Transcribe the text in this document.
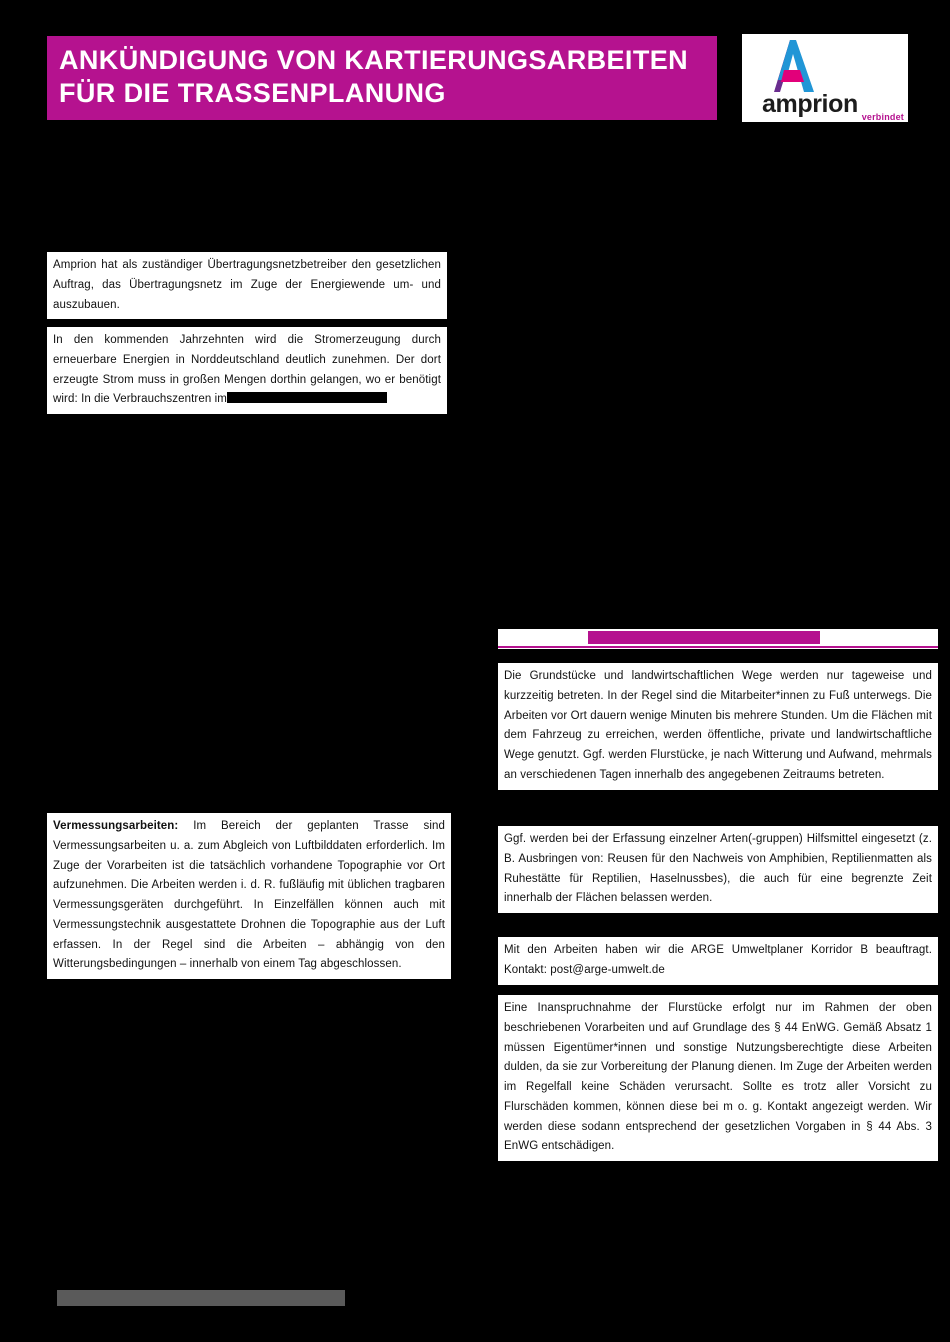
ANKÜNDIGUNG VON KARTIERUNGSARBEITEN
FÜR DIE TRASSENPLANUNG	amprion verbindet

Amprion hat als zuständiger Übertragungsnetzbetreiber den gesetzlichen Auftrag, das Übertragungsnetz im Zuge der Energiewende um- und auszubauen.

In den kommenden Jahrzehnten wird die Stromerzeugung durch erneuerbare Energien in Norddeutschland deutlich zunehmen. Der dort erzeugte Strom muss in großen Mengen dorthin gelangen, wo er benötigt wird: In die Verbrauchszentren im

Vermessungsarbeiten: Im Bereich der geplanten Trasse sind Vermessungsarbeiten u. a. zum Abgleich von Luftbilddaten erforderlich. Im Zuge der Vorarbeiten ist die tatsächlich vorhandene Topographie vor Ort aufzunehmen. Die Arbeiten werden i. d. R. fußläufig mit üblichen tragbaren Vermessungsgeräten durchgeführt. In Einzelfällen können auch mit Vermessungstechnik ausgestattete Drohnen die Topographie aus der Luft erfassen. In der Regel sind die Arbeiten – abhängig von den Witterungsbedingungen – innerhalb von einem Tag abgeschlossen.

Die Grundstücke und landwirtschaftlichen Wege werden nur tageweise und kurzzeitig betreten. In der Regel sind die Mitarbeiter*innen zu Fuß unterwegs. Die Arbeiten vor Ort dauern wenige Minuten bis mehrere Stunden. Um die Flächen mit dem Fahrzeug zu erreichen, werden öffentliche, private und landwirtschaftliche Wege genutzt. Ggf. werden Flurstücke, je nach Witterung und Aufwand, mehrmals an verschiedenen Tagen innerhalb des angegebenen Zeitraums betreten.

Ggf. werden bei der Erfassung einzelner Arten(-gruppen) Hilfsmittel eingesetzt (z. B. Ausbringen von: Reusen für den Nachweis von Amphibien, Reptilienmatten als Ruhestätte für Reptilien, Haselnussbes), die auch für eine begrenzte Zeit innerhalb der Flächen belassen werden.

Mit den Arbeiten haben wir die ARGE Umweltplaner Korridor B beauftragt. Kontakt: post@arge-umwelt.de

Eine Inanspruchnahme der Flurstücke erfolgt nur im Rahmen der oben beschriebenen Vorarbeiten und auf Grundlage des § 44 EnWG. Gemäß Absatz 1 müssen Eigentümer*innen und sonstige Nutzungsberechtigte diese Arbeiten dulden, da sie zur Vorbereitung der Planung dienen. Im Zuge der Arbeiten werden im Regelfall keine Schäden verursacht. Sollte es trotz aller Vorsicht zu Flurschäden kommen, können diese bei m o. g. Kontakt angezeigt werden. Wir werden diese sodann entsprechend der gesetzlichen Vorgaben in § 44 Abs. 3 EnWG entschädigen.
